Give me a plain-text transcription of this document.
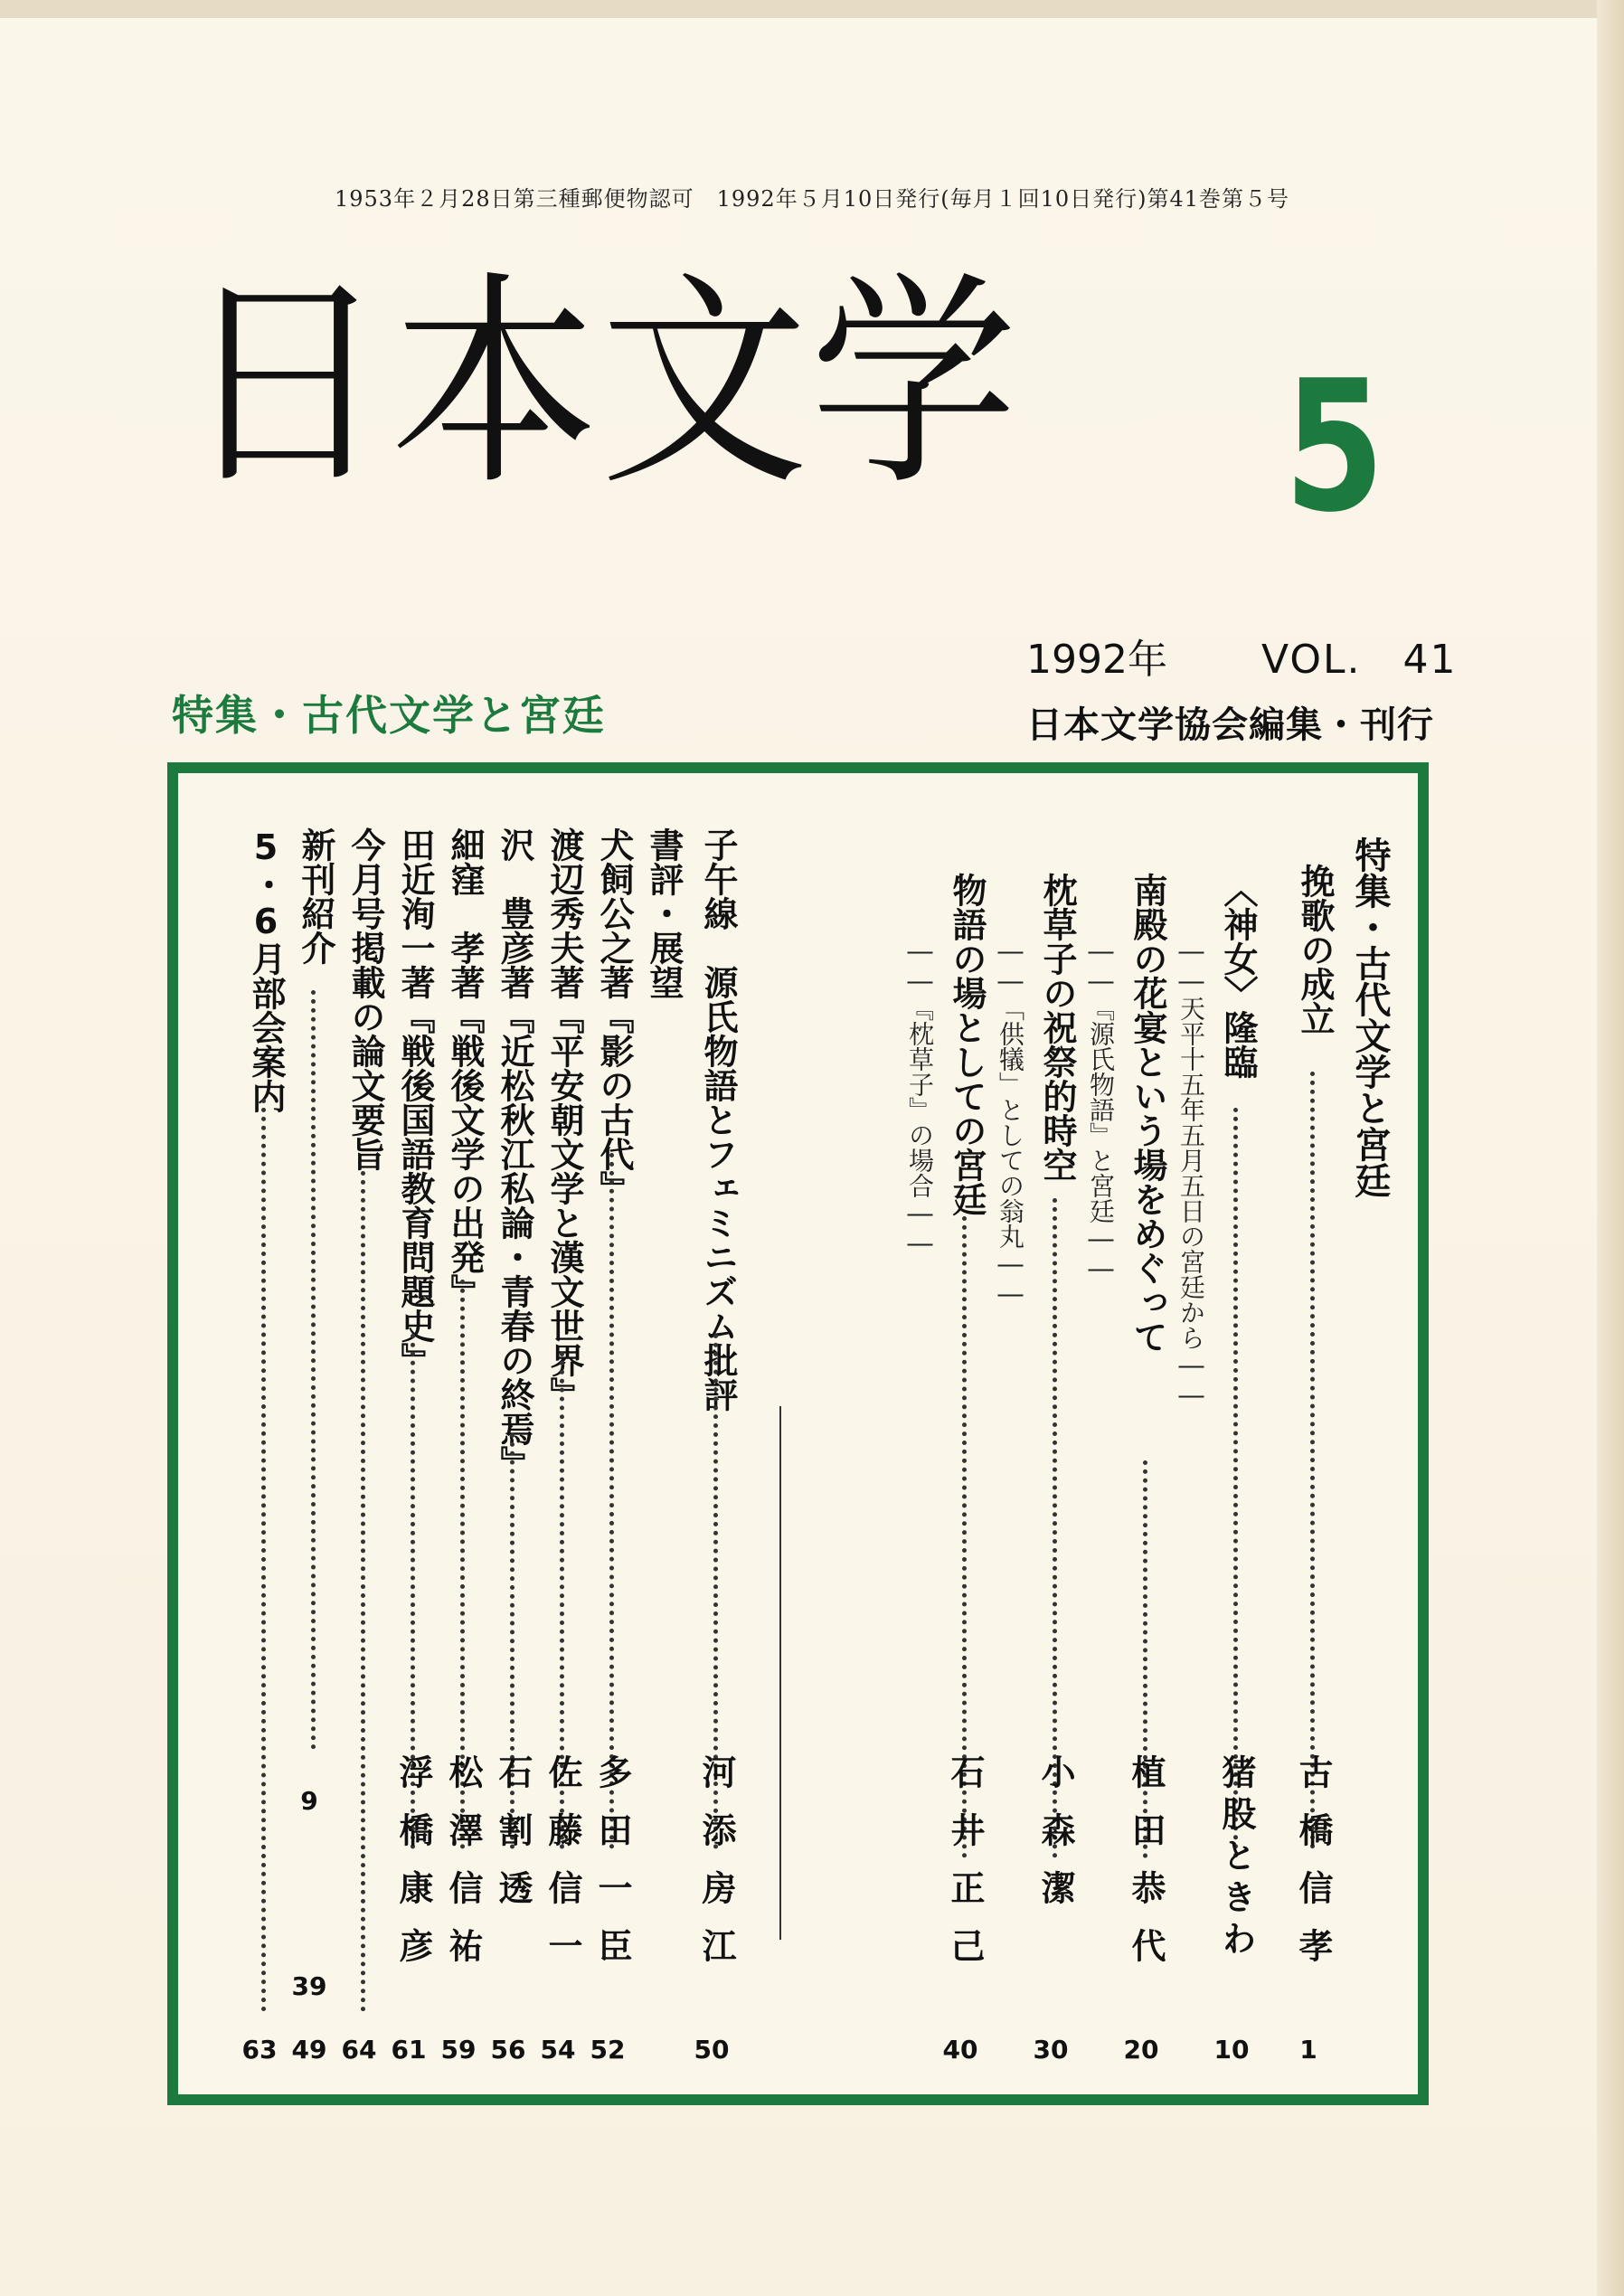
1953年２月28日第三種郵便物認可　1992年５月10日発行(毎月１回10日発行)第41巻第５号
日本文学 5
1992年 VOL.　41
特集・古代文学と宮廷	日本文学協会編集・刊行
特集・古代文学と宮廷
挽歌の成立
古橋信孝
1
〈神女〉隆臨
――天平十五年五月五日の宮廷から――
猪股ときわ
10
南殿の花宴という場をめぐって
――『源氏物語』と宮廷――
植田恭代
20
枕草子の祝祭的時空
――「供犠」としての翁丸――
小森潔
30
物語の場としての宮廷
――『枕草子』の場合――
石井正己
40
子午線　源氏物語とフェミニズム批評
河添房江
50
書評・展望
犬飼公之著『影の古代』
多田一臣
52
渡辺秀夫著『平安朝文学と漢文世界』
佐藤信一
54
沢　豊彦著『近松秋江私論・青春の終焉』
石割透
56
細窪　孝著『戦後文学の出発』
松澤信祐
59
田近洵一著『戦後国語教育問題史』
浮橋康彦
61
今月号掲載の論文要旨
64
新刊紹介
9
39
49
5・6月部会案内
63
